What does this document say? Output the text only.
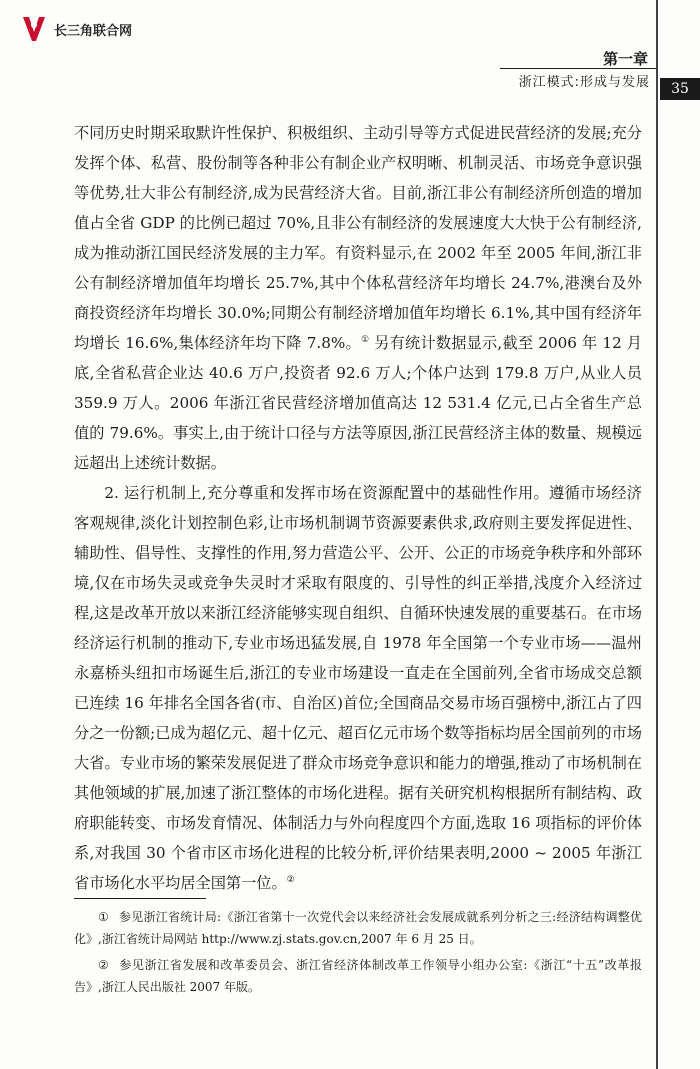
长三角联合网
第一章
浙江模式:形成与发展	35

不同历史时期采取默许性保护、积极组织、主动引导等方式促进民营经济的发展;充分发挥个体、私营、股份制等各种非公有制企业产权明晰、机制灵活、市场竞争意识强等优势,壮大非公有制经济,成为民营经济大省。目前,浙江非公有制经济所创造的增加值占全省 GDP 的比例已超过 70%,且非公有制经济的发展速度大大快于公有制经济,成为推动浙江国民经济发展的主力军。有资料显示,在 2002 年至 2005 年间,浙江非公有制经济增加值年均增长 25.7%,其中个体私营经济年均增长 24.7%,港澳台及外商投资经济年均增长 30.0%;同期公有制经济增加值年均增长 6.1%,其中国有经济年均增长 16.6%,集体经济年均下降 7.8%。① 另有统计数据显示,截至 2006 年 12 月底,全省私营企业达 40.6 万户,投资者 92.6 万人;个体户达到 179.8 万户,从业人员 359.9 万人。2006 年浙江省民营经济增加值高达 12 531.4 亿元,已占全省生产总值的 79.6%。事实上,由于统计口径与方法等原因,浙江民营经济主体的数量、规模远远超出上述统计数据。

2. 运行机制上,充分尊重和发挥市场在资源配置中的基础性作用。遵循市场经济客观规律,淡化计划控制色彩,让市场机制调节资源要素供求,政府则主要发挥促进性、辅助性、倡导性、支撑性的作用,努力营造公平、公开、公正的市场竞争秩序和外部环境,仅在市场失灵或竞争失灵时才采取有限度的、引导性的纠正举措,浅度介入经济过程,这是改革开放以来浙江经济能够实现自组织、自循环快速发展的重要基石。在市场经济运行机制的推动下,专业市场迅猛发展,自 1978 年全国第一个专业市场——温州永嘉桥头纽扣市场诞生后,浙江的专业市场建设一直走在全国前列,全省市场成交总额已连续 16 年排名全国各省(市、自治区)首位;全国商品交易市场百强榜中,浙江占了四分之一份额;已成为超亿元、超十亿元、超百亿元市场个数等指标均居全国前列的市场大省。专业市场的繁荣发展促进了群众市场竞争意识和能力的增强,推动了市场机制在其他领域的扩展,加速了浙江整体的市场化进程。据有关研究机构根据所有制结构、政府职能转变、市场发育情况、体制活力与外向程度四个方面,选取 16 项指标的评价体系,对我国 30 个省市区市场化进程的比较分析,评价结果表明,2000 ~ 2005 年浙江省市场化水平均居全国第一位。②

① 参见浙江省统计局:《浙江省第十一次党代会以来经济社会发展成就系列分析之三:经济结构调整优化》,浙江省统计局网站 http://www.zj.stats.gov.cn,2007 年 6 月 25 日。

② 参见浙江省发展和改革委员会、浙江省经济体制改革工作领导小组办公室:《浙江“十五”改革报告》,浙江人民出版社 2007 年版。
